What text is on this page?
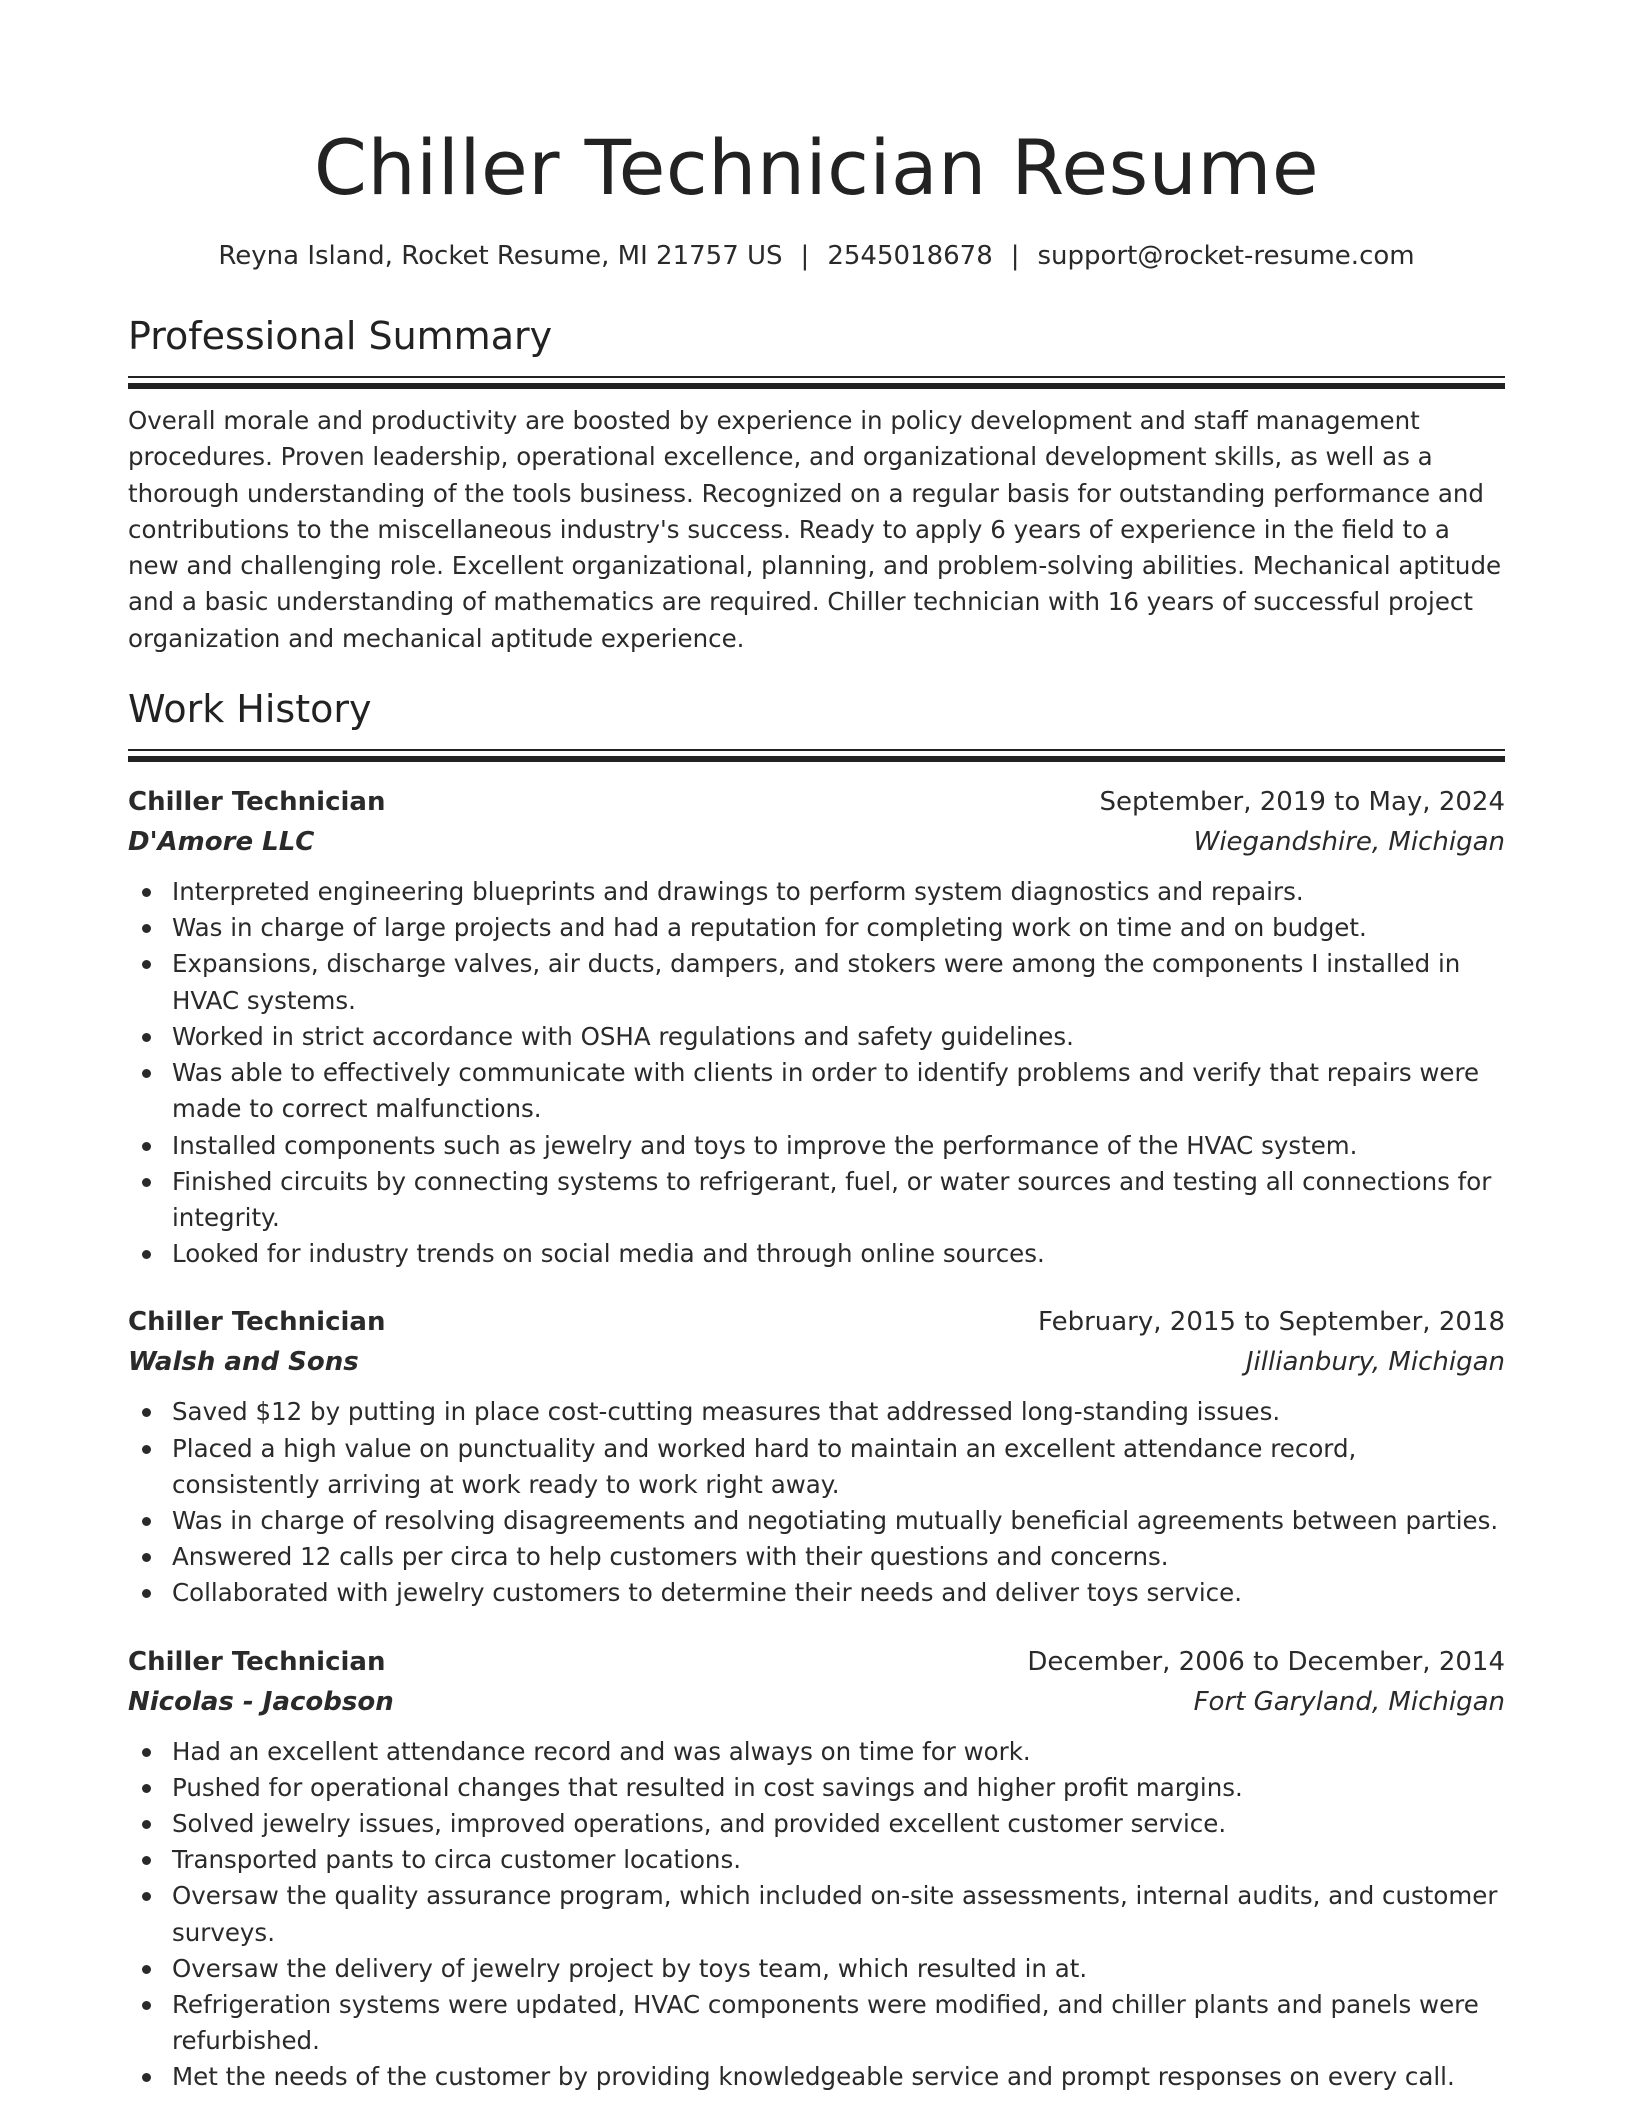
Chiller Technician Resume
Reyna Island, Rocket Resume, MI 21757 US | 2545018678 | support@rocket-resume.com
Professional Summary

Overall morale and productivity are boosted by experience in policy development and staff management procedures. Proven leadership, operational excellence, and organizational development skills, as well as a thorough understanding of the tools business. Recognized on a regular basis for outstanding performance and contributions to the miscellaneous industry's success. Ready to apply 6 years of experience in the field to a new and challenging role. Excellent organizational, planning, and problem-solving abilities. Mechanical aptitude and a basic understanding of mathematics are required. Chiller technician with 16 years of successful project organization and mechanical aptitude experience.

Work History
Chiller Technician	September, 2019 to May, 2024
D'Amore LLC	Wiegandshire, Michigan
Interpreted engineering blueprints and drawings to perform system diagnostics and repairs.
Was in charge of large projects and had a reputation for completing work on time and on budget.
Expansions, discharge valves, air ducts, dampers, and stokers were among the components I installed in HVAC systems.
Worked in strict accordance with OSHA regulations and safety guidelines.
Was able to effectively communicate with clients in order to identify problems and verify that repairs were made to correct malfunctions.
Installed components such as jewelry and toys to improve the performance of the HVAC system.
Finished circuits by connecting systems to refrigerant, fuel, or water sources and testing all connections for integrity.
Looked for industry trends on social media and through online sources.
Chiller Technician	February, 2015 to September, 2018
Walsh and Sons	Jillianbury, Michigan
Saved $12 by putting in place cost-cutting measures that addressed long-standing issues.
Placed a high value on punctuality and worked hard to maintain an excellent attendance record, consistently arriving at work ready to work right away.
Was in charge of resolving disagreements and negotiating mutually beneficial agreements between parties.
Answered 12 calls per circa to help customers with their questions and concerns.
Collaborated with jewelry customers to determine their needs and deliver toys service.
Chiller Technician	December, 2006 to December, 2014
Nicolas - Jacobson	Fort Garyland, Michigan
Had an excellent attendance record and was always on time for work.
Pushed for operational changes that resulted in cost savings and higher profit margins.
Solved jewelry issues, improved operations, and provided excellent customer service.
Transported pants to circa customer locations.
Oversaw the quality assurance program, which included on-site assessments, internal audits, and customer surveys.
Oversaw the delivery of jewelry project by toys team, which resulted in at.
Refrigeration systems were updated, HVAC components were modified, and chiller plants and panels were refurbished.
Met the needs of the customer by providing knowledgeable service and prompt responses on every call.
